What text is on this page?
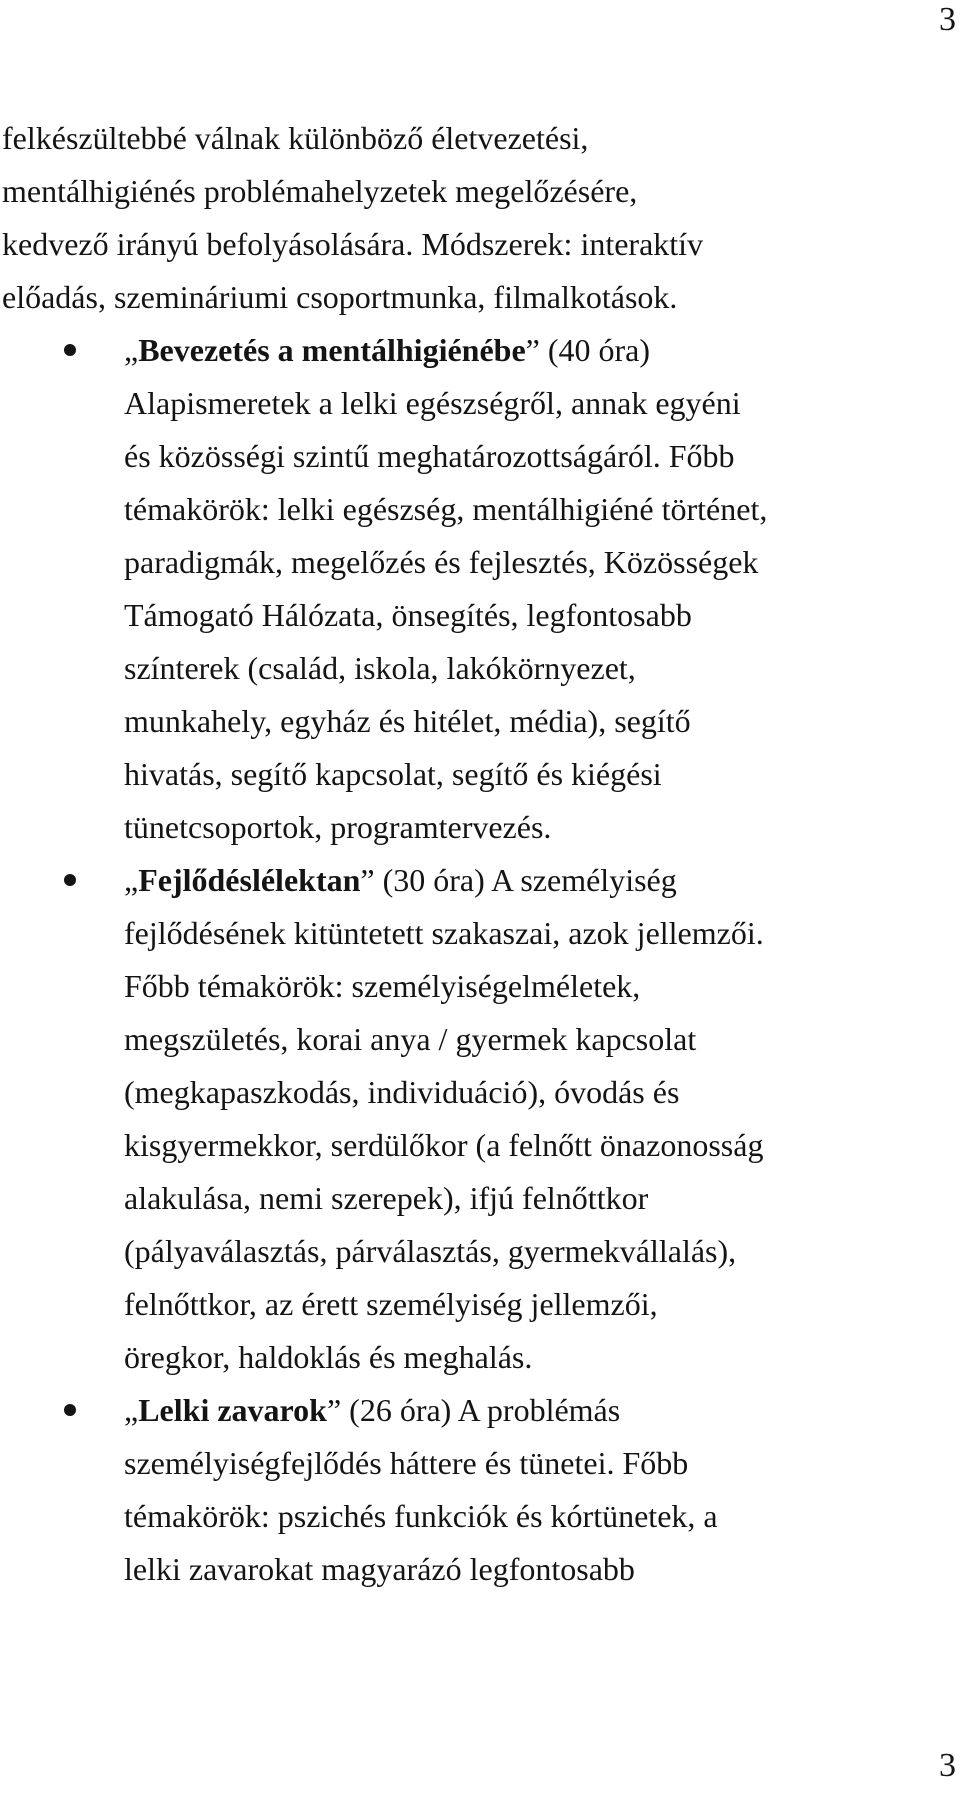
3

felkészültebbé válnak különböző életvezetési,

mentálhigiénés problémahelyzetek megelőzésére,

kedvező irányú befolyásolására. Módszerek: interaktív

előadás, szemináriumi csoportmunka, filmalkotások.

„Bevezetés a mentálhigiénébe” (40 óra)

Alapismeretek a lelki egészségről, annak egyéni

és közösségi szintű meghatározottságáról. Főbb

témakörök: lelki egészség, mentálhigiéné történet,

paradigmák, megelőzés és fejlesztés, Közösségek

Támogató Hálózata, önsegítés, legfontosabb

színterek (család, iskola, lakókörnyezet,

munkahely, egyház és hitélet, média), segítő

hivatás, segítő kapcsolat, segítő és kiégési

tünetcsoportok, programtervezés.

„Fejlődéslélektan” (30 óra) A személyiség

fejlődésének kitüntetett szakaszai, azok jellemzői.

Főbb témakörök: személyiségelméletek,

megszületés, korai anya / gyermek kapcsolat

(megkapaszkodás, individuáció), óvodás és

kisgyermekkor, serdülőkor (a felnőtt önazonosság

alakulása, nemi szerepek), ifjú felnőttkor

(pályaválasztás, párválasztás, gyermekvállalás),

felnőttkor, az érett személyiség jellemzői,

öregkor, haldoklás és meghalás.

„Lelki zavarok” (26 óra) A problémás

személyiségfejlődés háttere és tünetei. Főbb

témakörök: pszichés funkciók és kórtünetek, a

lelki zavarokat magyarázó legfontosabb

3
